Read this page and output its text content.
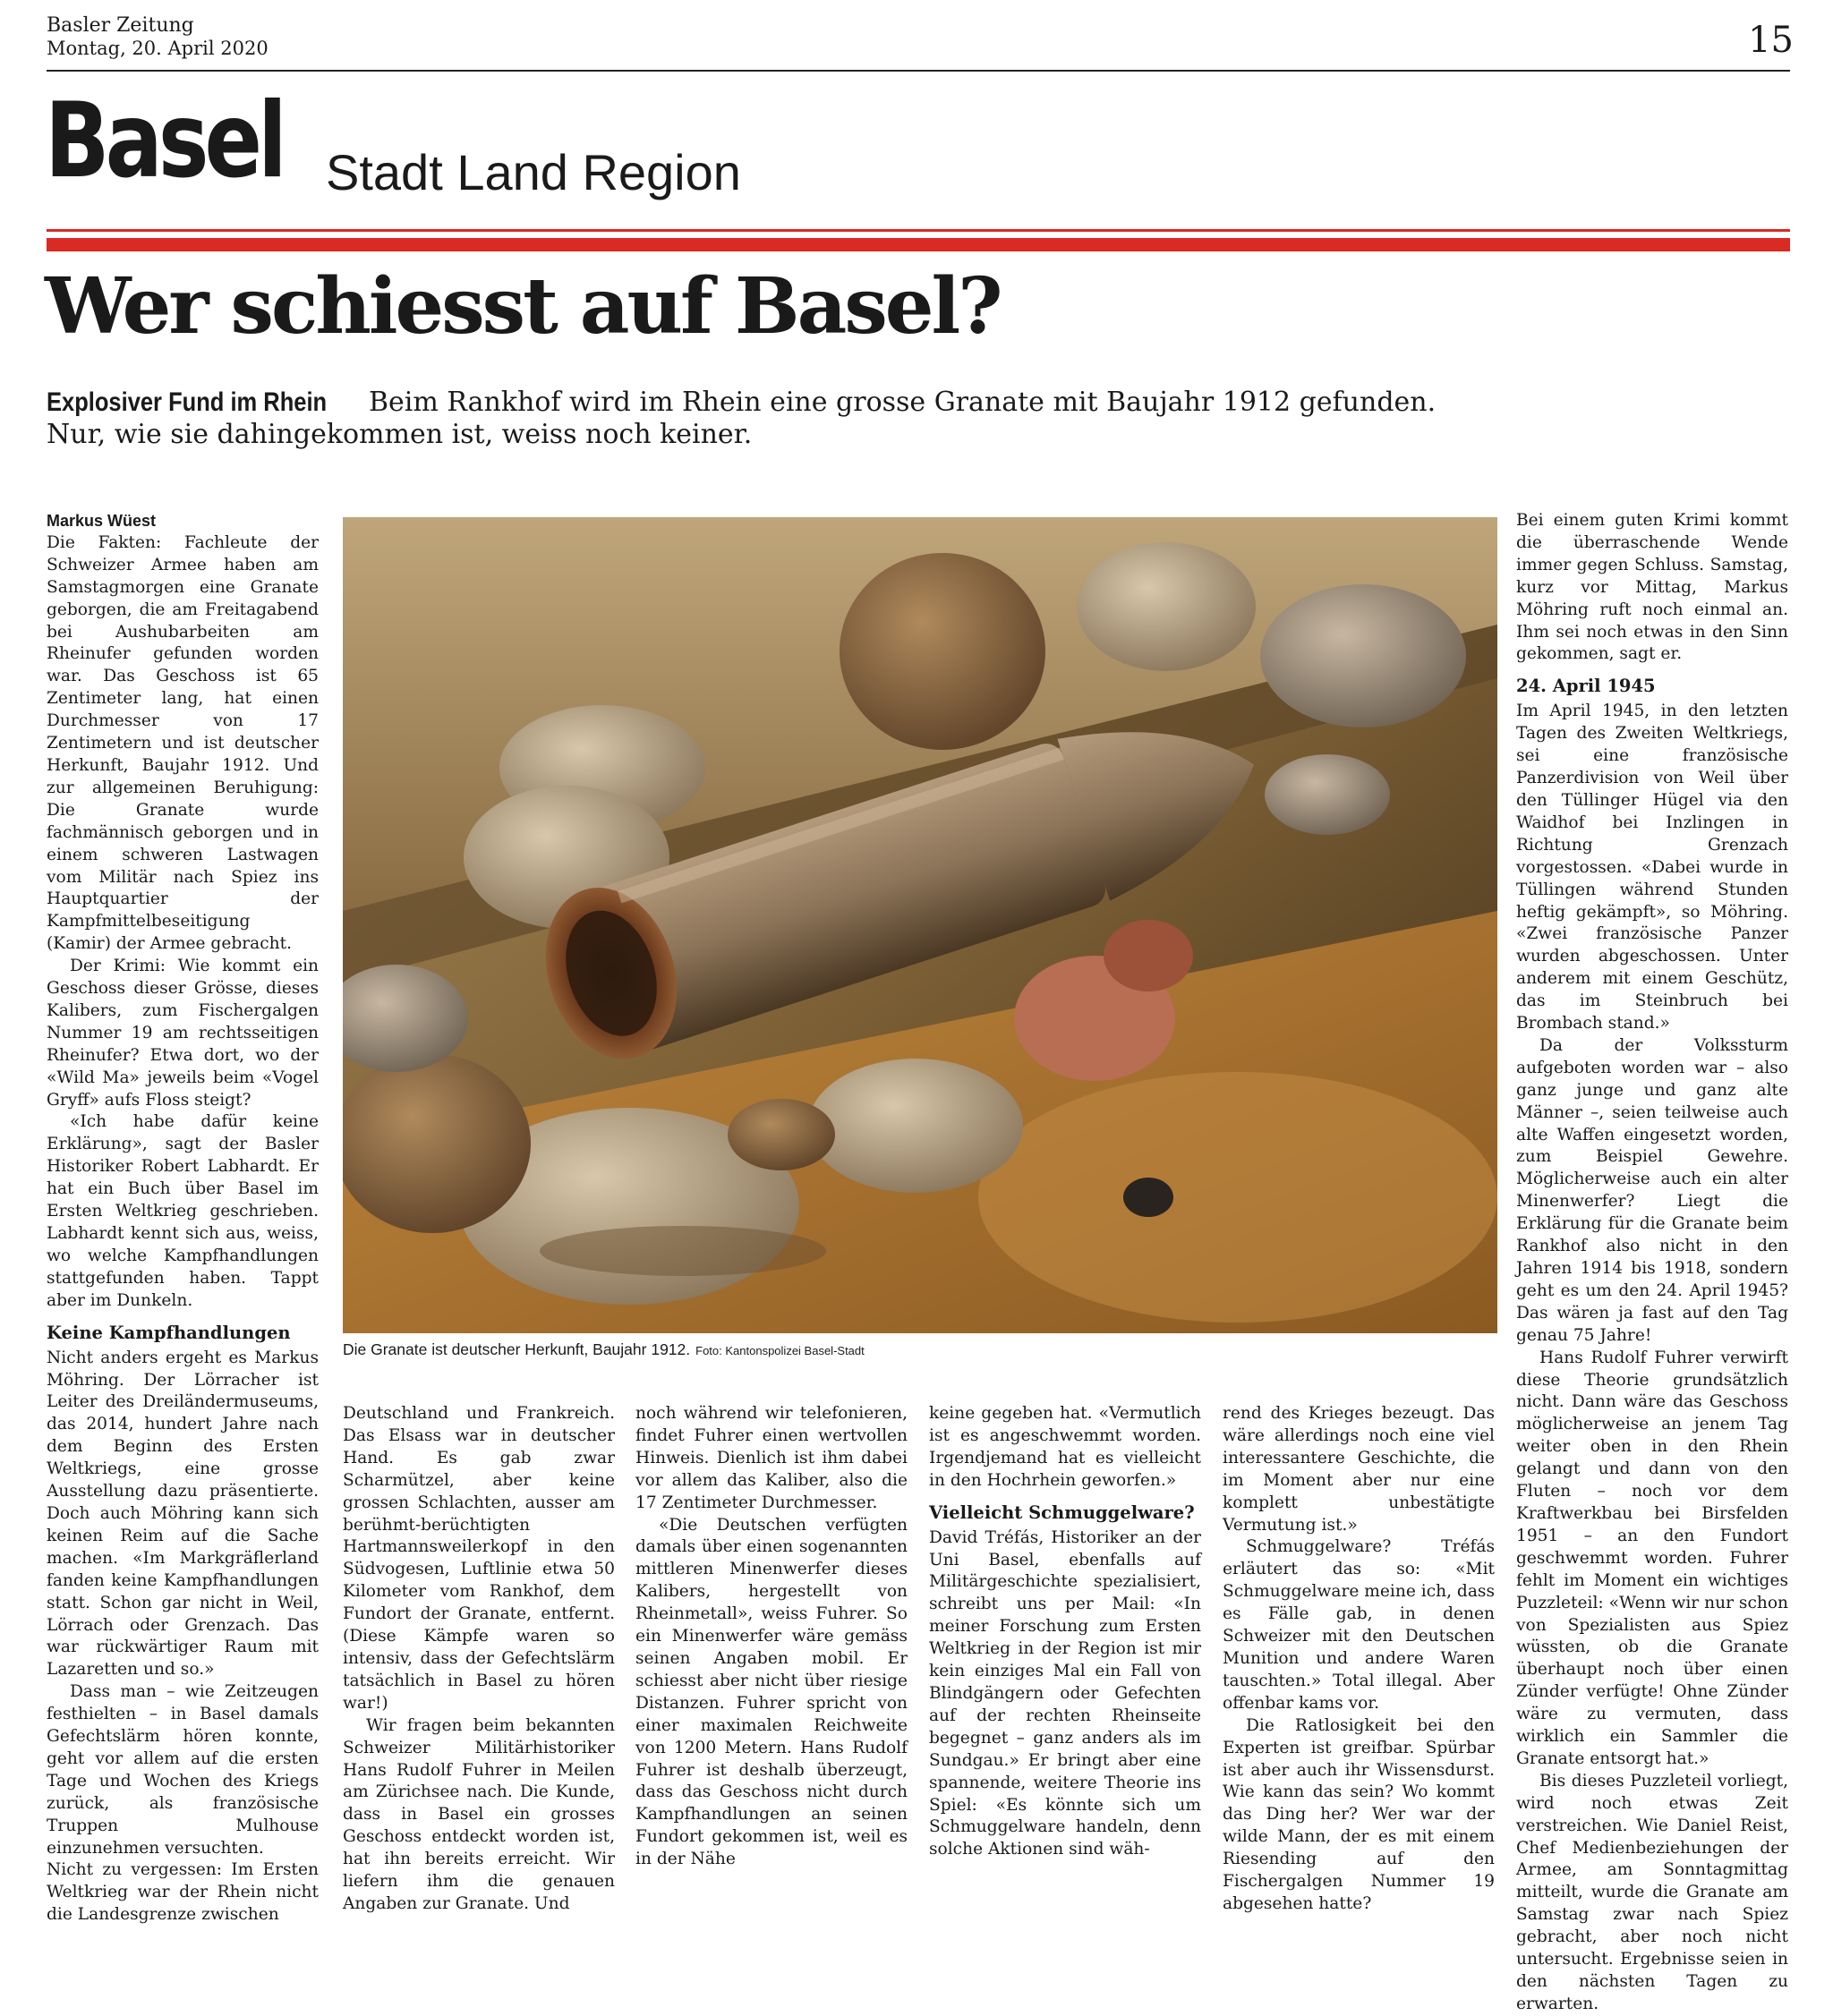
Basler Zeitung
Montag, 20. April 2020	15
Basel Stadt Land Region
Wer schiesst auf Basel?
Explosiver Fund im Rhein Beim Rankhof wird im Rhein eine grosse Granate mit Baujahr 1912 gefunden. Nur, wie sie dahingekommen ist, weiss noch keiner.

Markus Wüest

Die Fakten: Fachleute der Schweizer Armee haben am Samstagmorgen eine Granate geborgen, die am Freitagabend bei Aushubarbeiten am Rheinufer gefunden worden war. Das Geschoss ist 65 Zentimeter lang, hat einen Durchmesser von 17 Zentimetern und ist deutscher Herkunft, Baujahr 1912. Und zur allgemeinen Beruhigung: Die Granate wurde fachmännisch geborgen und in einem schweren Lastwagen vom Militär nach Spiez ins Hauptquartier der Kampfmittelbeseitigung (Kamir) der Armee gebracht.

Der Krimi: Wie kommt ein Geschoss dieser Grösse, dieses Kalibers, zum Fischergalgen Nummer 19 am rechtsseitigen Rheinufer? Etwa dort, wo der «Wild Ma» jeweils beim «Vogel Gryff» aufs Floss steigt?

«Ich habe dafür keine Erklärung», sagt der Basler Historiker Robert Labhardt. Er hat ein Buch über Basel im Ersten Weltkrieg geschrieben. Labhardt kennt sich aus, weiss, wo welche Kampfhandlungen stattgefunden haben. Tappt aber im Dunkeln.

Keine Kampfhandlungen

Nicht anders ergeht es Markus Möhring. Der Lörracher ist Leiter des Dreiländermuseums, das 2014, hundert Jahre nach dem Beginn des Ersten Weltkriegs, eine grosse Ausstellung dazu präsentierte. Doch auch Möhring kann sich keinen Reim auf die Sache machen. «Im Markgräflerland fanden keine Kampfhandlungen statt. Schon gar nicht in Weil, Lörrach oder Grenzach. Das war rückwärtiger Raum mit Lazaretten und so.»

Dass man – wie Zeitzeugen festhielten – in Basel damals Gefechtslärm hören konnte, geht vor allem auf die ersten Tage und Wochen des Kriegs zurück, als französische Truppen Mulhouse einzunehmen versuchten.

Nicht zu vergessen: Im Ersten Weltkrieg war der Rhein nicht die Landesgrenze zwischen

Die Granate ist deutscher Herkunft, Baujahr 1912. Foto: Kantonspolizei Basel-Stadt

Deutschland und Frankreich. Das Elsass war in deutscher Hand. Es gab zwar Scharmützel, aber keine grossen Schlachten, ausser am berühmt-berüchtigten Hartmannsweilerkopf in den Südvogesen, Luftlinie etwa 50 Kilometer vom Rankhof, dem Fundort der Granate, entfernt. (Diese Kämpfe waren so intensiv, dass der Gefechtslärm tatsächlich in Basel zu hören war!)

Wir fragen beim bekannten Schweizer Militärhistoriker Hans Rudolf Fuhrer in Meilen am Zürichsee nach. Die Kunde, dass in Basel ein grosses Geschoss entdeckt worden ist, hat ihn bereits erreicht. Wir liefern ihm die genauen Angaben zur Granate. Und

noch während wir telefonieren, findet Fuhrer einen wertvollen Hinweis. Dienlich ist ihm dabei vor allem das Kaliber, also die 17 Zentimeter Durchmesser.

«Die Deutschen verfügten damals über einen sogenannten mittleren Minenwerfer dieses Kalibers, hergestellt von Rheinmetall», weiss Fuhrer. So ein Minenwerfer wäre gemäss seinen Angaben mobil. Er schiesst aber nicht über riesige Distanzen. Fuhrer spricht von einer maximalen Reichweite von 1200 Metern. Hans Rudolf Fuhrer ist deshalb überzeugt, dass das Geschoss nicht durch Kampfhandlungen an seinen Fundort gekommen ist, weil es in der Nähe

keine gegeben hat. «Vermutlich ist es angeschwemmt worden. Irgendjemand hat es vielleicht in den Hochrhein geworfen.»

Vielleicht Schmuggelware?

David Tréfás, Historiker an der Uni Basel, ebenfalls auf Militärgeschichte spezialisiert, schreibt uns per Mail: «In meiner Forschung zum Ersten Weltkrieg in der Region ist mir kein einziges Mal ein Fall von Blindgängern oder Gefechten auf der rechten Rheinseite begegnet – ganz anders als im Sundgau.» Er bringt aber eine spannende, weitere Theorie ins Spiel: «Es könnte sich um Schmuggelware handeln, denn solche Aktionen sind wäh-

rend des Krieges bezeugt. Das wäre allerdings noch eine viel interessantere Geschichte, die im Moment aber nur eine komplett unbestätigte Vermutung ist.»

Schmuggelware? Tréfás erläutert das so: «Mit Schmuggelware meine ich, dass es Fälle gab, in denen Schweizer mit den Deutschen Munition und andere Waren tauschten.» Total illegal. Aber offenbar kams vor.

Die Ratlosigkeit bei den Experten ist greifbar. Spürbar ist aber auch ihr Wissensdurst. Wie kann das sein? Wo kommt das Ding her? Wer war der wilde Mann, der es mit einem Riesending auf den Fischergalgen Nummer 19 abgesehen hatte?

Bei einem guten Krimi kommt die überraschende Wende immer gegen Schluss. Samstag, kurz vor Mittag, Markus Möhring ruft noch einmal an. Ihm sei noch etwas in den Sinn gekommen, sagt er.

24. April 1945

Im April 1945, in den letzten Tagen des Zweiten Weltkriegs, sei eine französische Panzerdivision von Weil über den Tüllinger Hügel via den Waidhof bei Inzlingen in Richtung Grenzach vorgestossen. «Dabei wurde in Tüllingen während Stunden heftig gekämpft», so Möhring. «Zwei französische Panzer wurden abgeschossen. Unter anderem mit einem Geschütz, das im Steinbruch bei Brombach stand.»

Da der Volkssturm aufgeboten worden war – also ganz junge und ganz alte Männer –, seien teilweise auch alte Waffen eingesetzt worden, zum Beispiel Gewehre. Möglicherweise auch ein alter Minenwerfer? Liegt die Erklärung für die Granate beim Rankhof also nicht in den Jahren 1914 bis 1918, sondern geht es um den 24. April 1945? Das wären ja fast auf den Tag genau 75 Jahre!

Hans Rudolf Fuhrer verwirft diese Theorie grundsätzlich nicht. Dann wäre das Geschoss möglicherweise an jenem Tag weiter oben in den Rhein gelangt und dann von den Fluten – noch vor dem Kraftwerkbau bei Birsfelden 1951 – an den Fundort geschwemmt worden. Fuhrer fehlt im Moment ein wichtiges Puzzleteil: «Wenn wir nur schon von Spezialisten aus Spiez wüssten, ob die Granate überhaupt noch über einen Zünder verfügte! Ohne Zünder wäre zu vermuten, dass wirklich ein Sammler die Granate entsorgt hat.»

Bis dieses Puzzleteil vorliegt, wird noch etwas Zeit verstreichen. Wie Daniel Reist, Chef Medienbeziehungen der Armee, am Sonntagmittag mitteilt, wurde die Granate am Samstag zwar nach Spiez gebracht, aber noch nicht untersucht. Ergebnisse seien in den nächsten Tagen zu erwarten.
